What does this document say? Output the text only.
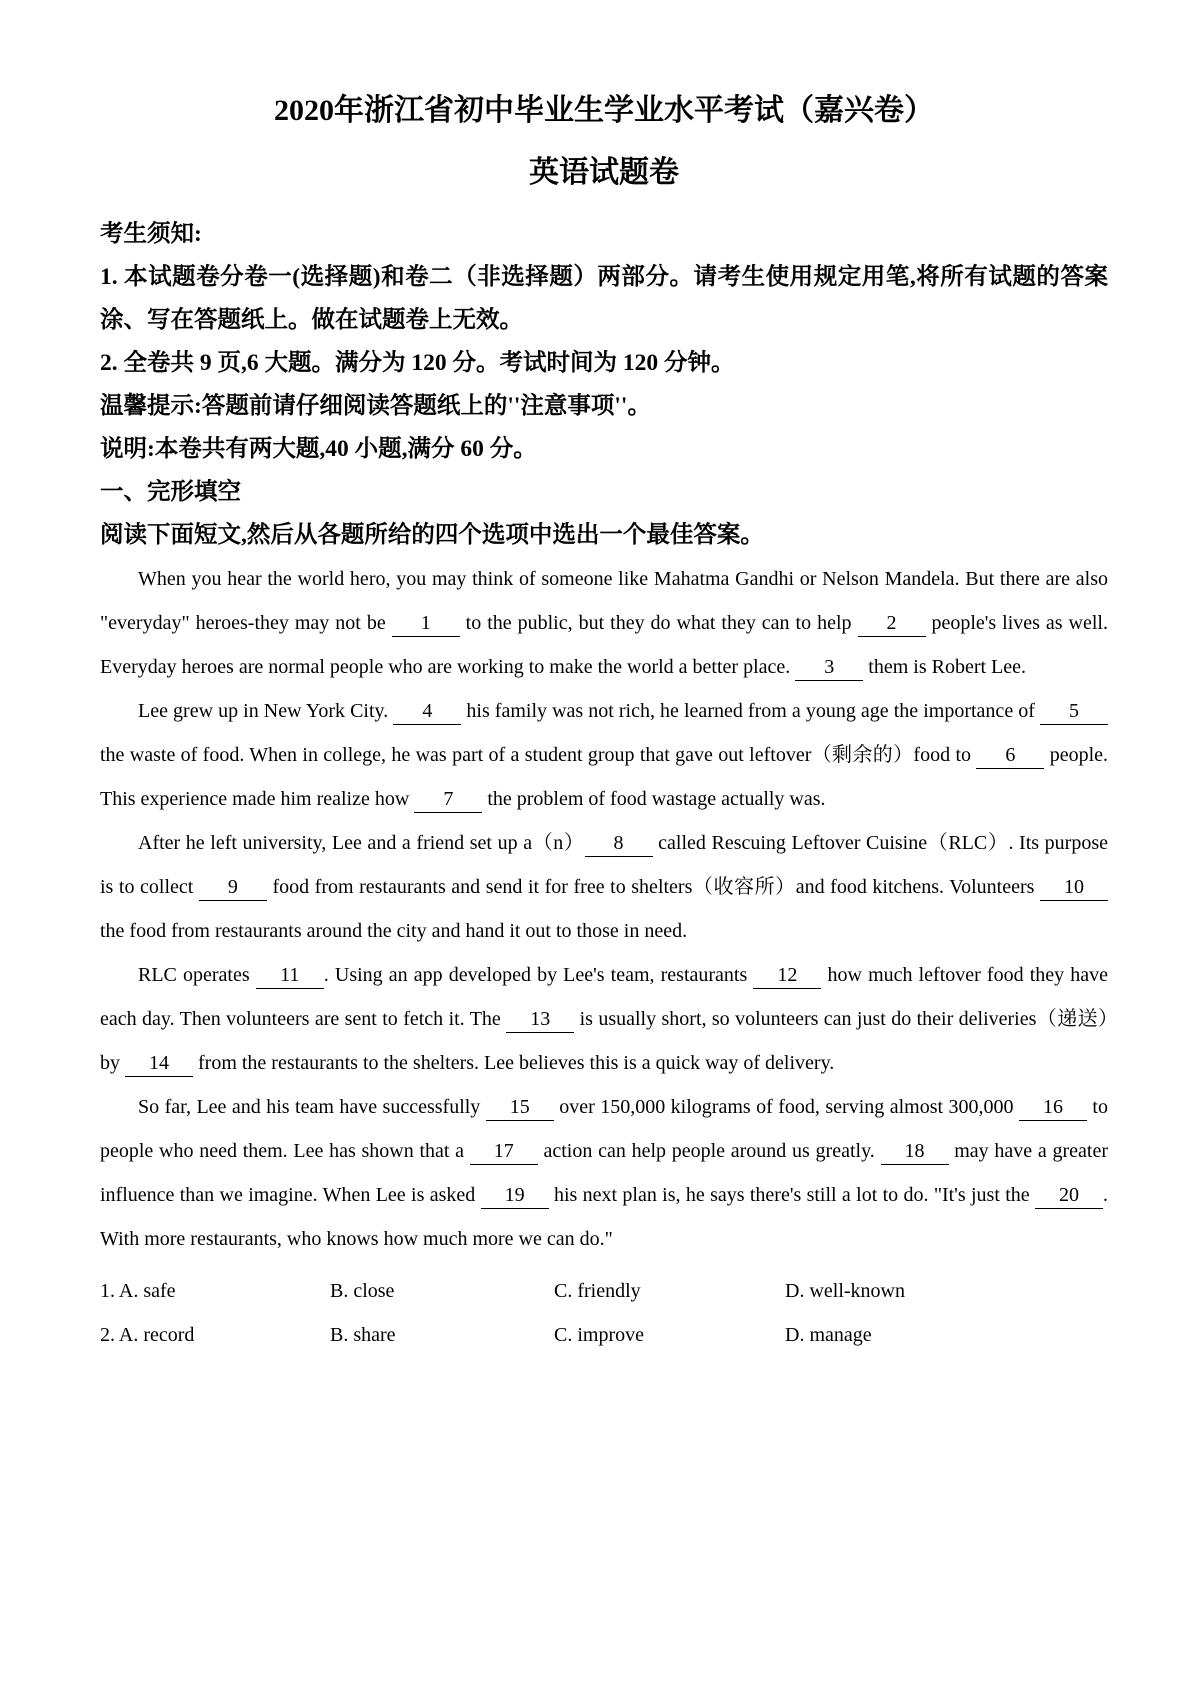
2020年浙江省初中毕业生学业水平考试（嘉兴卷）
英语试题卷

考生须知:

1. 本试题卷分卷一(选择题)和卷二（非选择题）两部分。请考生使用规定用笔,将所有试题的答案涂、写在答题纸上。做在试题卷上无效。

2. 全卷共 9 页,6 大题。满分为 120 分。考试时间为 120 分钟。

温馨提示:答题前请仔细阅读答题纸上的''注意事项''。

说明:本卷共有两大题,40 小题,满分 60 分。

一、完形填空

阅读下面短文,然后从各题所给的四个选项中选出一个最佳答案。

When you hear the world hero, you may think of someone like Mahatma Gandhi or Nelson Mandela. But there are also "everyday" heroes-they may not be 1 to the public, but they do what they can to help 2 people's lives as well. Everyday heroes are normal people who are working to make the world a better place. 3 them is Robert Lee.

Lee grew up in New York City. 4 his family was not rich, he learned from a young age the importance of 5 the waste of food. When in college, he was part of a student group that gave out leftover（剩余的）food to 6 people. This experience made him realize how 7 the problem of food wastage actually was.

After he left university, Lee and a friend set up a（n） 8 called Rescuing Leftover Cuisine（RLC）. Its purpose is to collect 9 food from restaurants and send it for free to shelters（收容所）and food kitchens. Volunteers 10 the food from restaurants around the city and hand it out to those in need.

RLC operates 11 . Using an app developed by Lee's team, restaurants 12 how much leftover food they have each day. Then volunteers are sent to fetch it. The 13 is usually short, so volunteers can just do their deliveries（递送）by 14 from the restaurants to the shelters. Lee believes this is a quick way of delivery.

So far, Lee and his team have successfully 15 over 150,000 kilograms of food, serving almost 300,000 16 to people who need them. Lee has shown that a 17 action can help people around us greatly. 18 may have a greater influence than we imagine. When Lee is asked 19 his next plan is, he says there's still a lot to do. "It's just the 20 . With more restaurants, who knows how much more we can do."

1. A. safe	B. close	C. friendly	D. well-known
2. A. record	B. share	C. improve	D. manage
